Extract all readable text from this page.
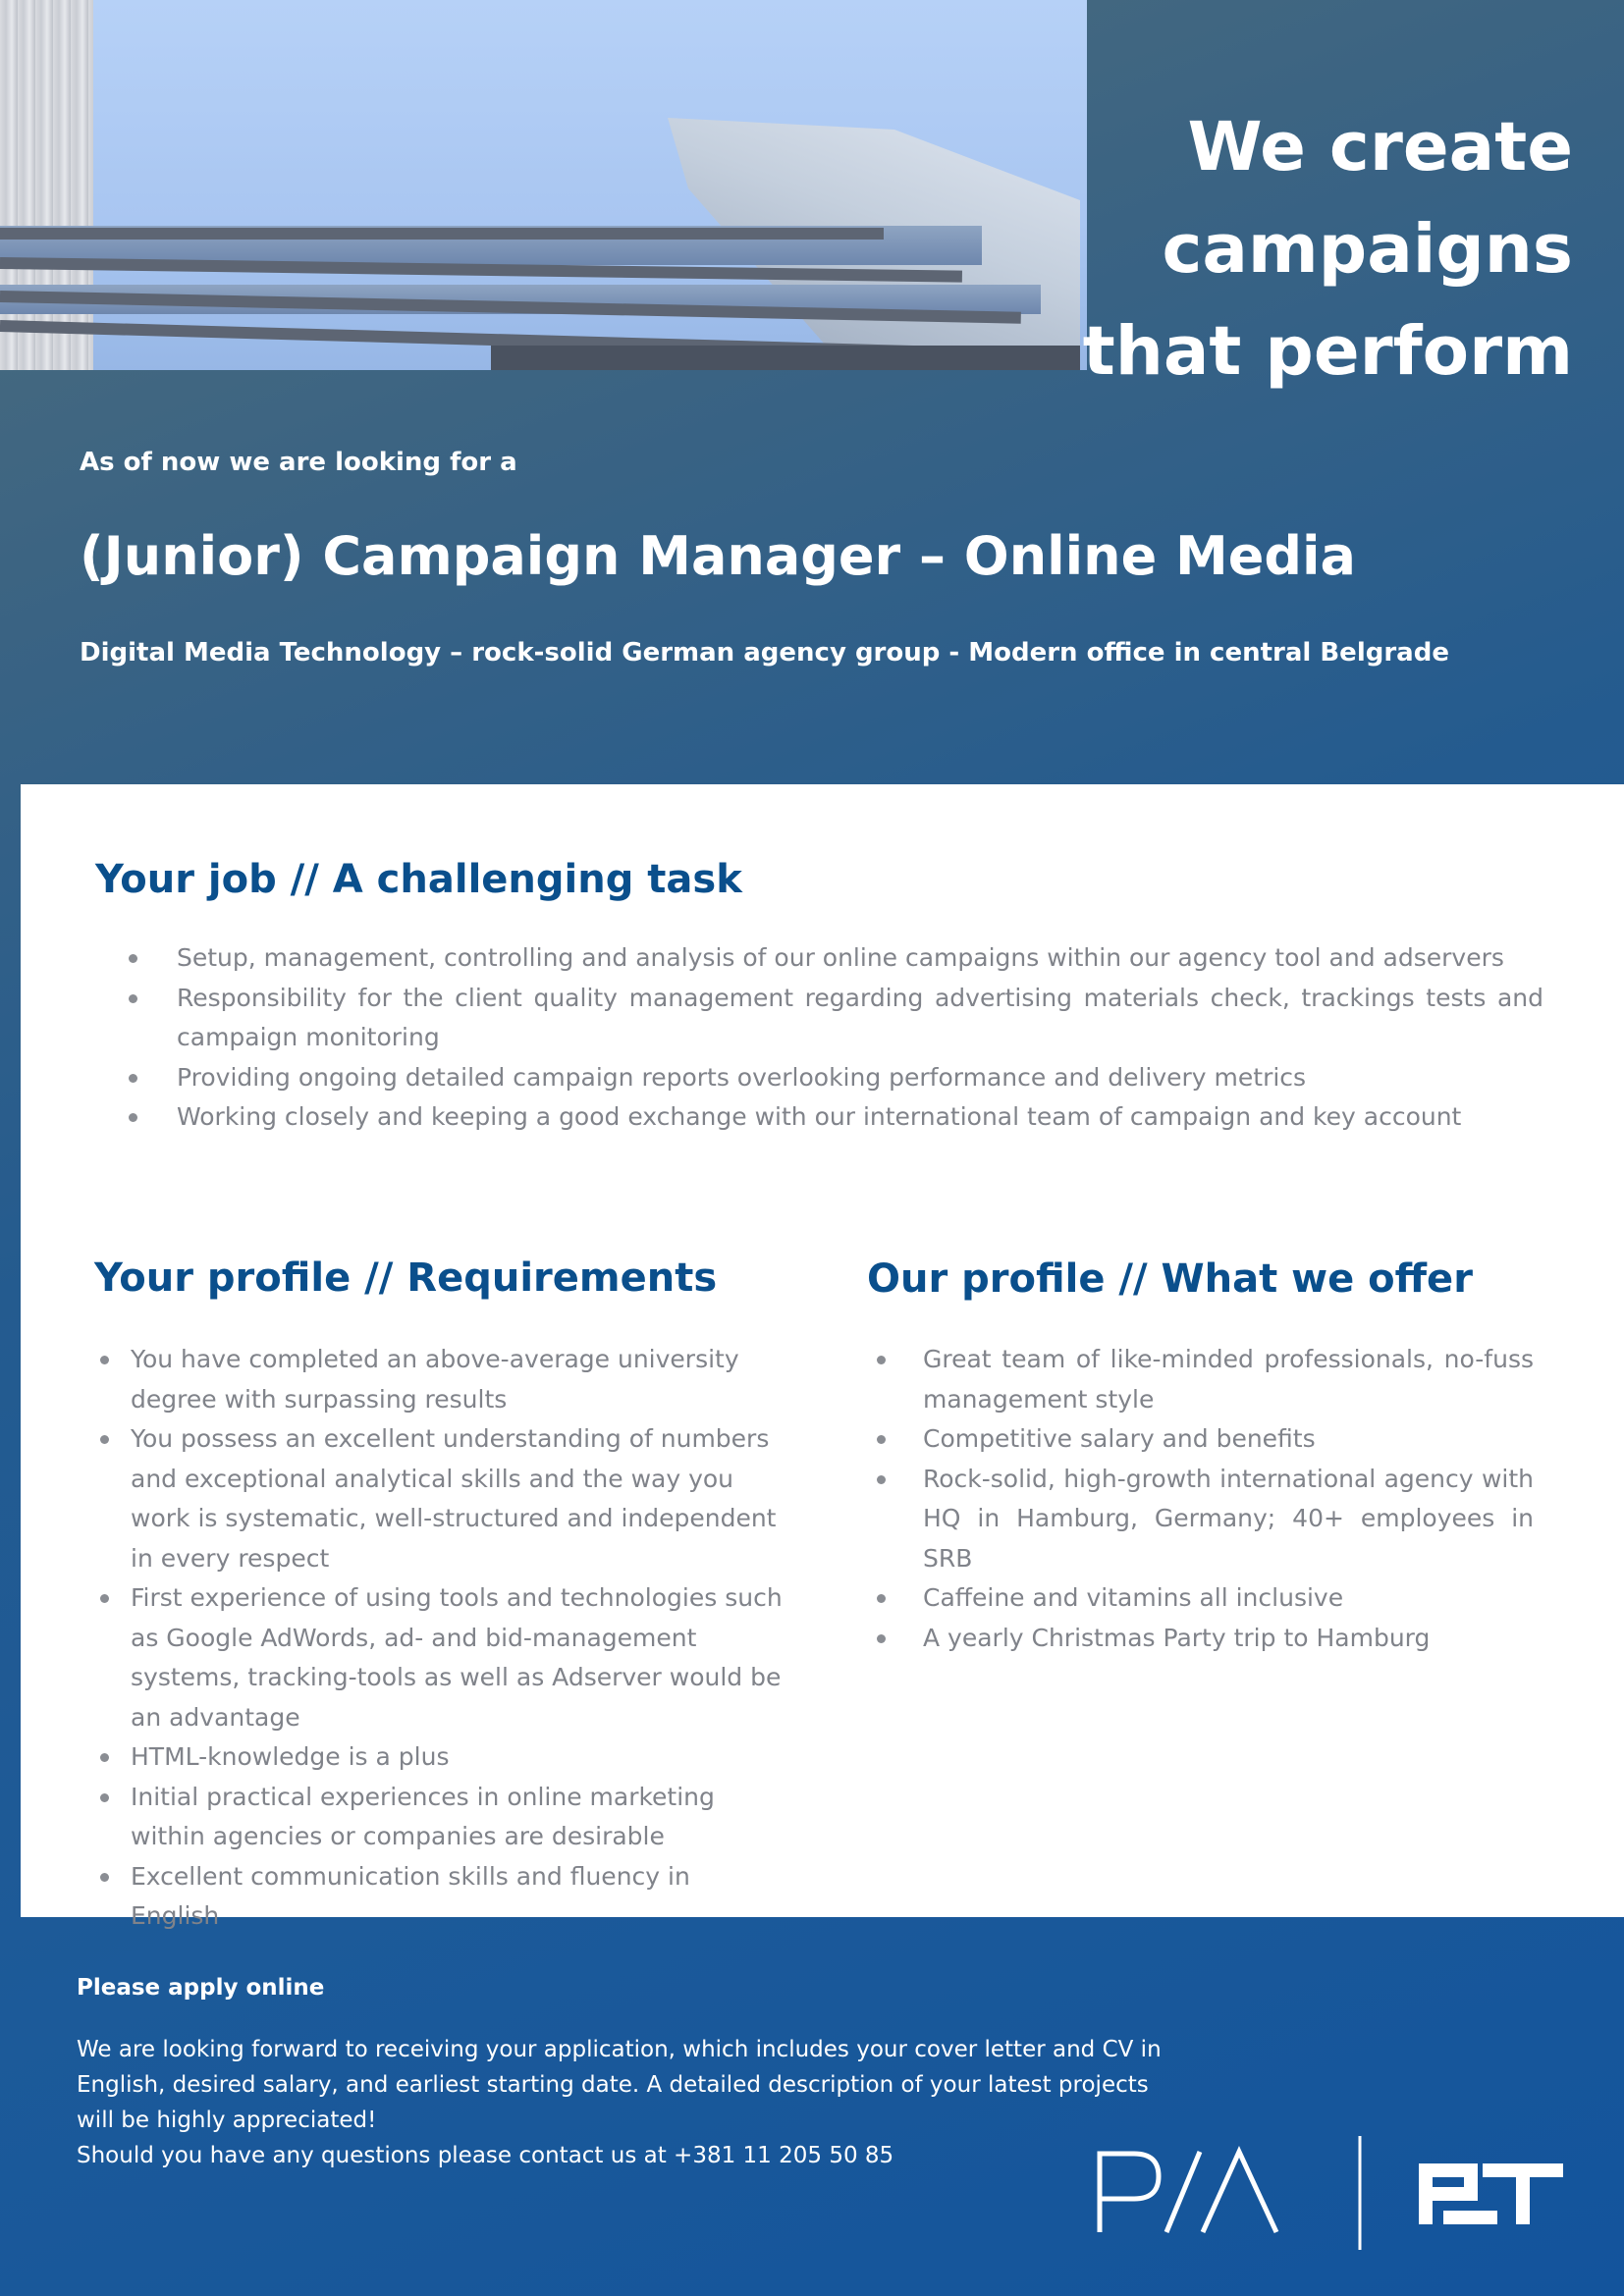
We create
campaigns
that perform
As of now we are looking for a
(Junior) Campaign Manager – Online Media
Digital Media Technology – rock-solid German agency group - Modern office in central Belgrade
Your job // A challenging task
Setup, management, controlling and analysis of our online campaigns within our agency tool and adservers
Responsibility for the client quality management regarding advertising materials check, trackings tests and campaign monitoring
Providing ongoing detailed campaign reports overlooking performance and delivery metrics
Working closely and keeping a good exchange with our international team of campaign and key account
Your profile // Requirements
You have completed an above-average university degree with surpassing results
You possess an excellent understanding of numbers and exceptional analytical skills and the way you work is systematic, well-structured and independent in every respect
First experience of using tools and technologies such as Google AdWords, ad- and bid-management systems, tracking-tools as well as Adserver would be an advantage
HTML-knowledge is a plus
Initial practical experiences in online marketing within agencies or companies are desirable
Excellent communication skills and fluency in English
Our profile // What we offer
Great team of like-minded professionals, no-fuss management style
Competitive salary and benefits
Rock-solid, high-growth international agency with HQ in Hamburg, Germany; 40+ employees in SRB
Caffeine and vitamins all inclusive
A yearly Christmas Party trip to Hamburg
Please apply online

We are looking forward to receiving your application, which includes your cover letter and CV in English, desired salary, and earliest starting date. A detailed description of your latest projects will be highly appreciated!

Should you have any questions please contact us at +381 11 205 50 85
